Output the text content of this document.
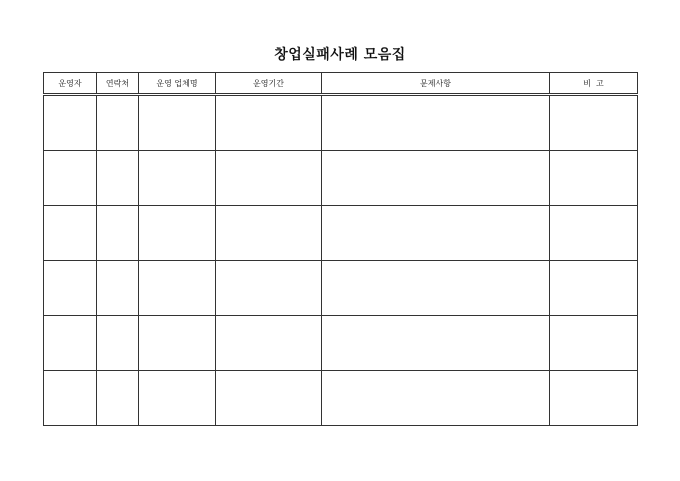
창업실패사례 모음집
운영자	연락처	운영 업체명	운영기간	문제사항	비  고
